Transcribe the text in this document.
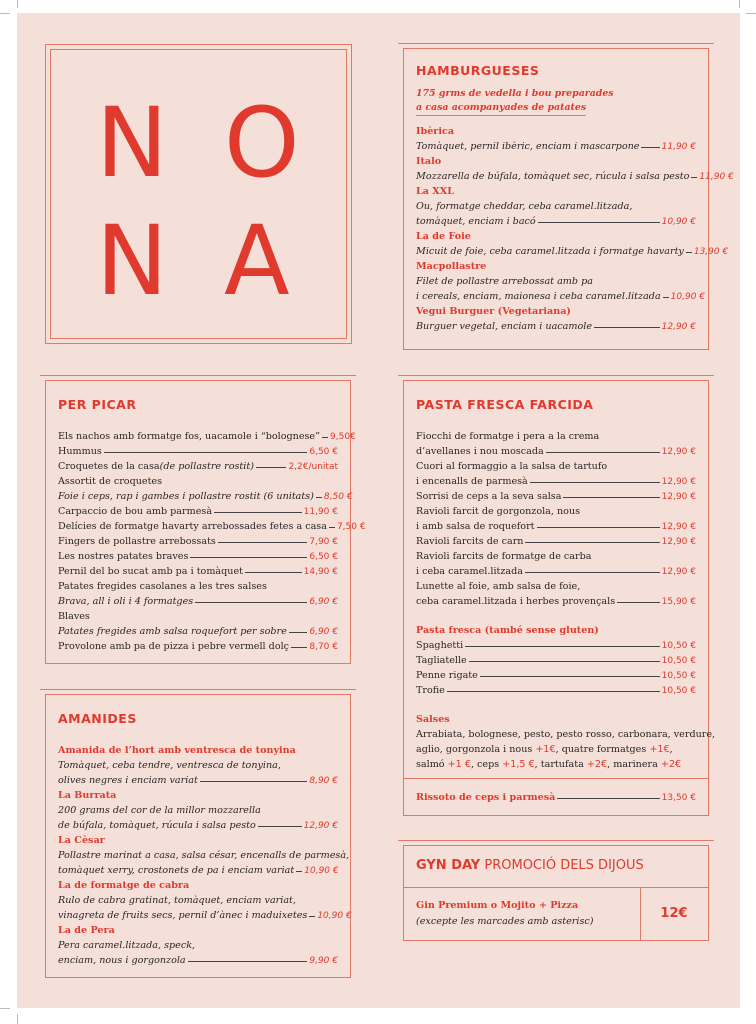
N O
N A
HAMBURGUESES
175 grms de vedella i bou preparades
a casa acompanyades de patates
Ibèrica
Tomàquet, pernil ibèric, enciam i mascarpone 11,90 €
Italo
Mozzarella de búfala, tomàquet sec, rúcula i salsa pesto 11,90 €
La XXL
Ou, formatge cheddar, ceba caramel.litzada,
tomàquet, enciam i bacó	10,90 €
La de Foie
Micuit de foie, ceba caramel.litzada i formatge havarty 13,90 €
Macpollastre
Filet de pollastre arrebossat amb pa
i cereals, enciam, maionesa i ceba caramel.litzada 10,90 €
Vegui Burguer (Vegetariana)
Burguer vegetal, enciam i uacamole	12,90 €
PER PICAR
Els nachos amb formatge fos, uacamole i “bolognese” 9,50€
Hummus	6,50 €
Croquetes de la casa (de pollastre rostit)	2,2€/unitat
Assortit de croquetes
Foie i ceps, rap i gambes i pollastre rostit (6 unitats) 8,50 €
Carpaccio de bou amb parmesà	11,90 €
Delícies de formatge havarty arrebossades fetes a casa 7,50 €
Fingers de pollastre arrebossats	7,90 €
Les nostres patates braves	6,50 €
Pernil del bo sucat amb pa i tomàquet	14,90 €
Patates fregides casolanes a les tres salses
Brava, all i oli i 4 formatges	6,90 €
Blaves
Patates fregides amb salsa roquefort per sobre	6,90 €
Provolone amb pa de pizza i pebre vermell dolç 8,70 €
AMANIDES
Amanida de l’hort amb ventresca de tonyina
Tomàquet, ceba tendre, ventresca de tonyina,
olives negres i enciam variat	8,90 €
La Burrata
200 grams del cor de la millor mozzarella
de búfala, tomàquet, rúcula i salsa pesto	12,90 €
La Cèsar
Pollastre marinat a casa, salsa césar, encenalls de parmesà,
tomàquet xerry, crostonets de pa i enciam variat 10,90 €
La de formatge de cabra
Rulo de cabra gratinat, tomàquet, enciam variat,
vinagreta de fruits secs, pernil d’ànec i maduixetes 10,90 €
La de Pera
Pera caramel.litzada, speck,
enciam, nous i gorgonzola	9,90 €
PASTA FRESCA FARCIDA
Fiocchi de formatge i pera a la crema
d’avellanes i nou moscada	12,90 €
Cuori al formaggio a la salsa de tartufo
i encenalls de parmesà	12,90 €
Sorrisi de ceps a la seva salsa	12,90 €
Ravioli farcit de gorgonzola, nous
i amb salsa de roquefort	12,90 €
Ravioli farcits de carn	12,90 €
Ravioli farcits de formatge de carba
i ceba caramel.litzada	12,90 €
Lunette al foie, amb salsa de foie,
ceba caramel.litzada i herbes provençals	15,90 €
Pasta fresca (també sense gluten)
Spaghetti	10,50 €
Tagliatelle	10,50 €
Penne rigate	10,50 €
Trofie	10,50 €
Salses
Arrabiata, bolognese, pesto, pesto rosso, carbonara, verdure,
aglio, gorgonzola i nous +1€, quatre formatges +1€,
salmó +1 €, ceps +1,5 €, tartufata +2€, marinera +2€
Rissoto de ceps i parmesà	13,50 €
GYN DAY PROMOCIÓ DELS DIJOUS
Gin Premium o Mojito + Pizza
(excepte les marcades amb asterisc)
12€
